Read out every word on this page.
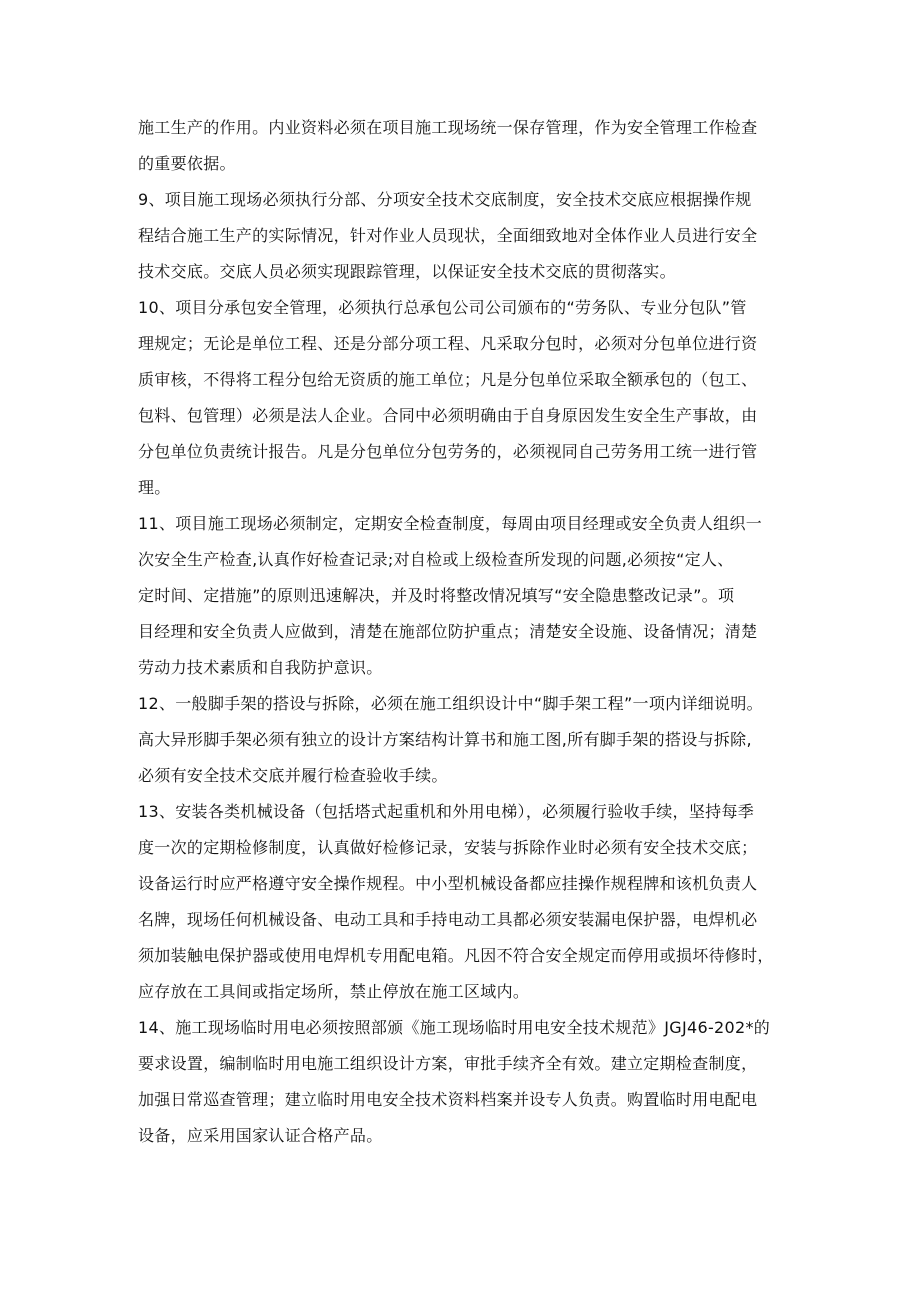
施工生产的作用。内业资料必须在项目施工现场统一保存管理，作为安全管理工作检查
的重要依据。
9、项目施工现场必须执行分部、分项安全技术交底制度，安全技术交底应根据操作规
程结合施工生产的实际情况，针对作业人员现状，全面细致地对全体作业人员进行安全
技术交底。交底人员必须实现跟踪管理，以保证安全技术交底的贯彻落实。
10、项目分承包安全管理，必须执行总承包公司公司颁布的“劳务队、专业分包队”管
理规定；无论是单位工程、还是分部分项工程、凡采取分包时，必须对分包单位进行资
质审核，不得将工程分包给无资质的施工单位；凡是分包单位采取全额承包的（包工、
包料、包管理）必须是法人企业。合同中必须明确由于自身原因发生安全生产事故，由
分包单位负责统计报告。凡是分包单位分包劳务的，必须视同自己劳务用工统一进行管
理。
11、项目施工现场必须制定，定期安全检查制度，每周由项目经理或安全负责人组织一
次安全生产检查,认真作好检查记录;对自检或上级检查所发现的问题,必须按“定人、
定时间、定措施”的原则迅速解决，并及时将整改情况填写“安全隐患整改记录”。项
目经理和安全负责人应做到，清楚在施部位防护重点；清楚安全设施、设备情况；清楚
劳动力技术素质和自我防护意识。
12、一般脚手架的搭设与拆除，必须在施工组织设计中“脚手架工程”一项内详细说明。
高大异形脚手架必须有独立的设计方案结构计算书和施工图,所有脚手架的搭设与拆除,
必须有安全技术交底并履行检查验收手续。
13、安装各类机械设备（包括塔式起重机和外用电梯），必须履行验收手续，坚持每季
度一次的定期检修制度，认真做好检修记录，安装与拆除作业时必须有安全技术交底；
设备运行时应严格遵守安全操作规程。中小型机械设备都应挂操作规程牌和该机负责人
名牌，现场任何机械设备、电动工具和手持电动工具都必须安装漏电保护器，电焊机必
须加装触电保护器或使用电焊机专用配电箱。凡因不符合安全规定而停用或损坏待修时，
应存放在工具间或指定场所，禁止停放在施工区域内。
14、施工现场临时用电必须按照部颁《施工现场临时用电安全技术规范》JGJ46-202*的
要求设置，编制临时用电施工组织设计方案，审批手续齐全有效。建立定期检查制度，
加强日常巡查管理；建立临时用电安全技术资料档案并设专人负责。购置临时用电配电
设备，应采用国家认证合格产品。
